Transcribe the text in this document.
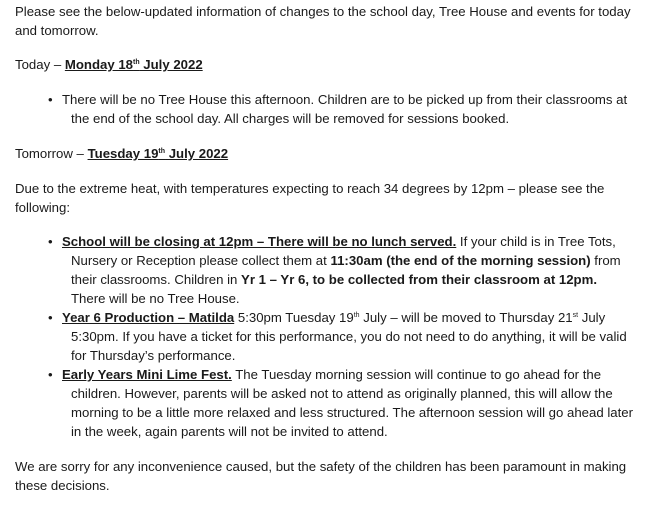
Please see the below-updated information of changes to the school day, Tree House and events for today and tomorrow.

Today – Monday 18th July 2022

• There will be no Tree House this afternoon. Children are to be picked up from their classrooms at the end of the school day. All charges will be removed for sessions booked.

Tomorrow – Tuesday 19th July 2022

Due to the extreme heat, with temperatures expecting to reach 34 degrees by 12pm – please see the following:

• School will be closing at 12pm – There will be no lunch served. If your child is in Tree Tots, Nursery or Reception please collect them at 11:30am (the end of the morning session) from their classrooms. Children in Yr 1 – Yr 6, to be collected from their classroom at 12pm. There will be no Tree House.
• Year 6 Production – Matilda 5:30pm Tuesday 19th July – will be moved to Thursday 21st July 5:30pm. If you have a ticket for this performance, you do not need to do anything, it will be valid for Thursday’s performance.
• Early Years Mini Lime Fest. The Tuesday morning session will continue to go ahead for the children. However, parents will be asked not to attend as originally planned, this will allow the morning to be a little more relaxed and less structured. The afternoon session will go ahead later in the week, again parents will not be invited to attend.

We are sorry for any inconvenience caused, but the safety of the children has been paramount in making these decisions.
